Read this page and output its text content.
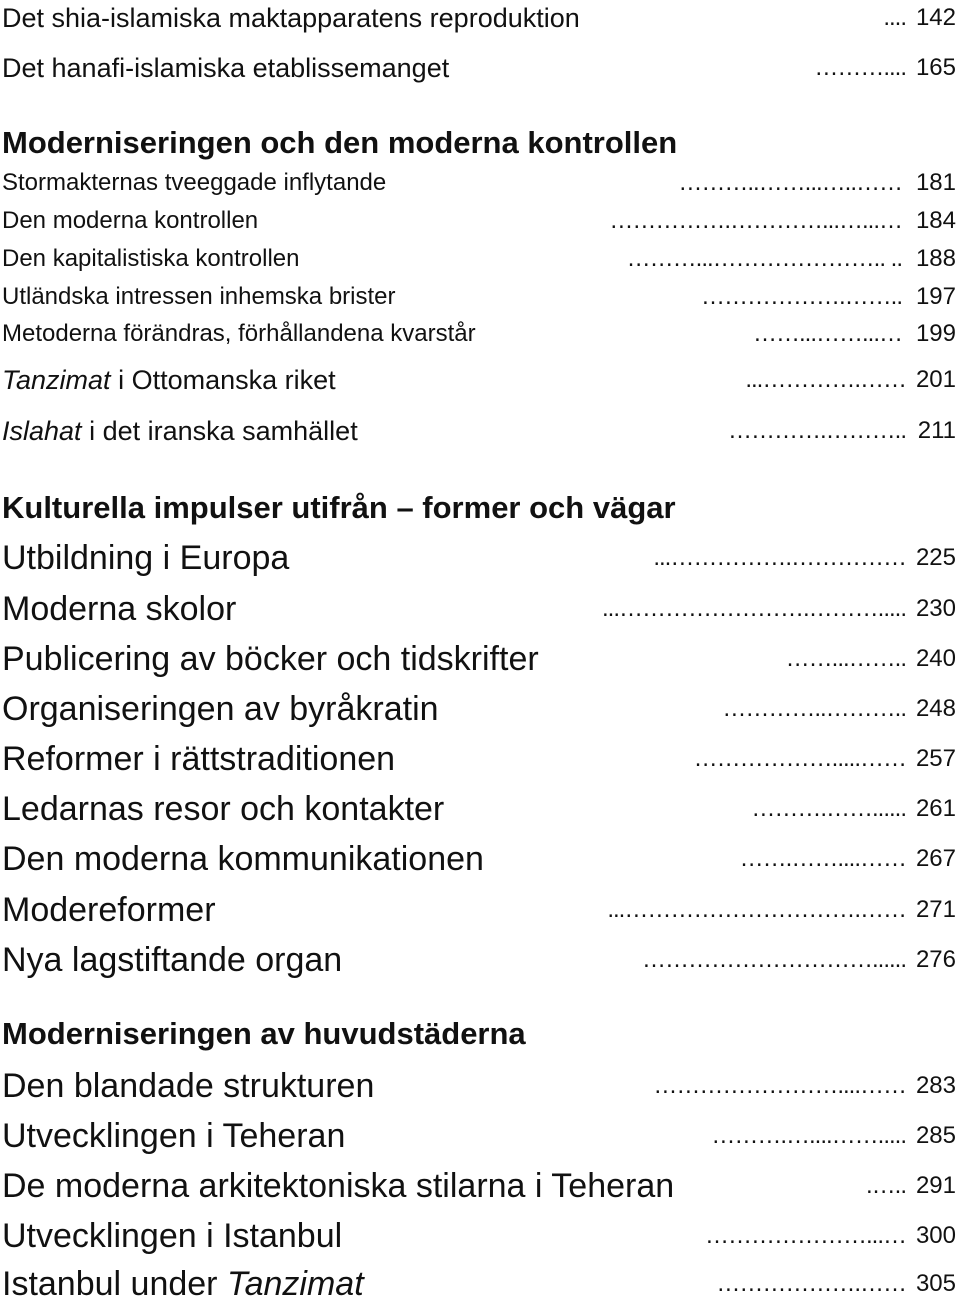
Det shia-islamiska maktapparatens reproduktion	.... 142
Det hanafi-islamiska etablissemanget	……….... 165
Moderniseringen och den moderna kontrollen
Stormakternas tveeggade inflytande	………..……...…..…… 181
Den moderna kontrollen	…………….…………...…...… 184
Den kapitalistiska kontrollen	………...………………….. .. 188
Utländska intressen inhemska brister	……………….…….. 197
Metoderna förändras, förhållandena kvarstår	……...……...… 199
Tanzimat i Ottomanska riket	...………….…… 201
Islahat i det iranska samhället	………….……….. 211
Kulturella impulser utifrån – former och vägar
Utbildning i Europa	...…………….…………… 225
Moderna skolor	...…………………….………..... 230
Publicering av böcker och tidskrifter	……...…….. 240
Organiseringen av byråkratin	…………..……….. 248
Reformer i rättstraditionen	……………….....…… 257
Ledarnas resor och kontakter	……….……...... 261
Den moderna kommunikationen	…….……....…… 267
Modereformer	...………………………….…… 271
Nya lagstiftande organ	…………………………...... 276
Moderniseringen av huvudstäderna
Den blandade strukturen	……………………....…… 283
Utvecklingen i Teheran	……….…....……..... 285
De moderna arkitektoniska stilarna i Teheran	.….. 291
Utvecklingen i Istanbul	…………………...… 300
Istanbul under Tanzimat	……………….…… 305
